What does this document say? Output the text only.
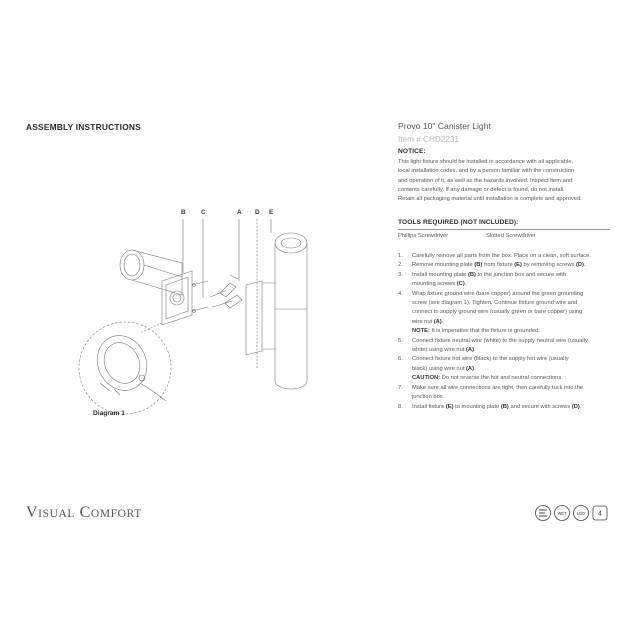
ASSEMBLY INSTRUCTIONS	Provo 10" Canister Light
Item # CHD2231
NOTICE:
This light fixture should be installed in accordance with all applicable,
local installation codes, and by a person familiar with the construction
and operation of it, as well as the hazards involved. Inspect item and
contents carefully. If any damage or defect is found, do not install.
Retain all packaging material until installation is complete and approved.
TOOLS REQUIRED (NOT INCLUDED):
Phillips Screwdriver	Slotted Screwdriver
1. Carefully remove all parts from the box. Place on a clean, soft surface.
2. Remove mounting plate (B) from fixture (E) by removing screws (D).
3. Install mounting plate (B) to the junction box and secure with
mounting screws (C).
4. Wrap fixture ground wire (bare copper) around the green grounding
screw (see diagram 1). Tighten. Continue fixture ground wire and
connect to supply ground wire (usually green or bare copper) using
wire nut (A).
NOTE: It is imperative that the fixture is grounded.
5. Connect fixture neutral wire (white) to the supply neutral wire (usually
white) using wire nut (A).
6. Connect fixture hot wire (black) to the supply hot wire (usually
black) using wire nut (A).
CAUTION: Do not reverse the hot and neutral connections.
7. Make sure all wire connections are tight, then carefully tuck into the
junction box.
8. Install fixture (E) to mounting plate (B) and secure with screws (D).
B C	A D E
Diagram 1
VISUAL COMFORT	WET LED 4
